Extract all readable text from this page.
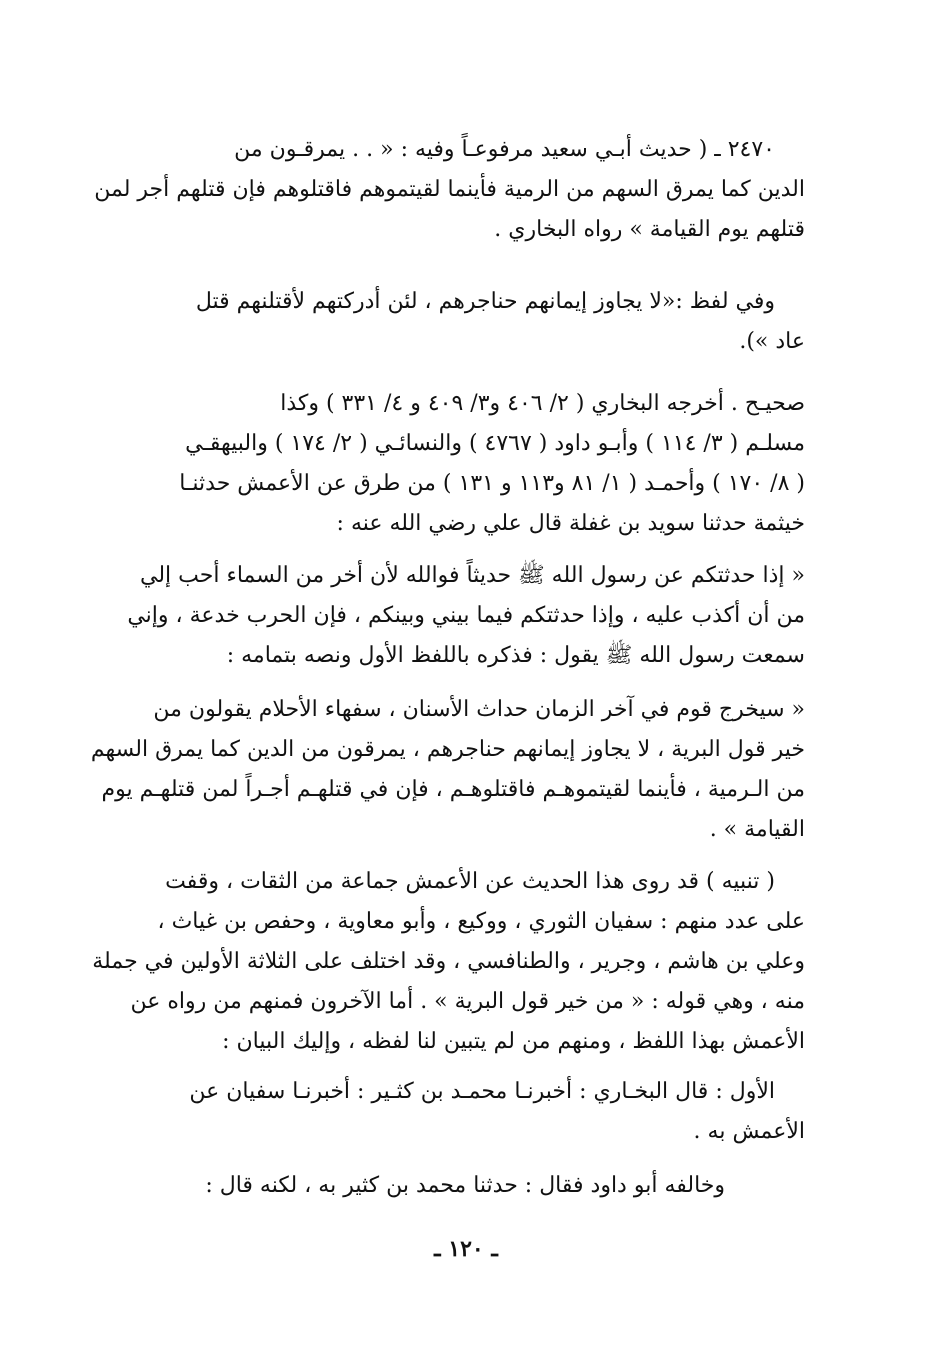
٢٤٧٠ ـ ( حديث أبـي سعيد مرفوعـاً وفيه : « . . يمرقـون من
الدين كما يمرق السهم من الرمية فأينما لقيتموهم فاقتلوهم فإن قتلهم أجر لمن
قتلهم يوم القيامة » رواه البخاري .
وفي لفظ :«لا يجاوز إيمانهم حناجرهم ، لئن أدركتهم لأقتلنهم قتل
عاد »).
صحيـح . أخرجه البخاري ( ٢/ ٤٠٦ و٣/ ٤٠٩ و ٤/ ٣٣١ ) وكذا
مسلـم ( ٣/ ١١٤ ) وأبـو داود ( ٤٧٦٧ ) والنسائـي ( ٢/ ١٧٤ ) والبيهقـي
( ٨/ ١٧٠ ) وأحمـد ( ١/ ٨١ و١١٣ و ١٣١ ) من طرق عن الأعمش حدثنـا
خيثمة حدثنا سويد بن غفلة قال علي رضي الله عنه :
« إذا حدثتكم عن رسول الله ﷺ حديثاً فوالله لأن أخر من السماء أحب إلي
من أن أكذب عليه ، وإذا حدثتكم فيما بيني وبينكم ، فإن الحرب خدعة ، وإني
سمعت رسول الله ﷺ يقول : فذكره باللفظ الأول ونصه بتمامه :
« سيخرج قوم في آخر الزمان حداث الأسنان ، سفهاء الأحلام يقولون من
خير قول البرية ، لا يجاوز إيمانهم حناجرهم ، يمرقون من الدين كما يمرق السهم
من الـرمية ، فأينما لقيتموهـم فاقتلوهـم ، فإن في قتلهـم أجـراً لمن قتلهـم يوم
القيامة » .
( تنبيه ) قد روى هذا الحديث عن الأعمش جماعة من الثقات ، وقفت
على عدد منهم : سفيان الثوري ، ووكيع ، وأبو معاوية ، وحفص بن غياث ،
وعلي بن هاشم ، وجرير ، والطنافسي ، وقد اختلف على الثلاثة الأولين في جملة
منه ، وهي قوله : « من خير قول البرية » . أما الآخرون فمنهم من رواه عن
الأعمش بهذا اللفظ ، ومنهم من لم يتبين لنا لفظه ، وإليك البيان :
الأول : قال البخـاري : أخبرنـا محمـد بن كثـير : أخبرنـا سفيان عن
الأعمش به .
وخالفه أبو داود فقال : حدثنا محمد بن كثير به ، لكنه قال :
ـ ١٢٠ ـ
